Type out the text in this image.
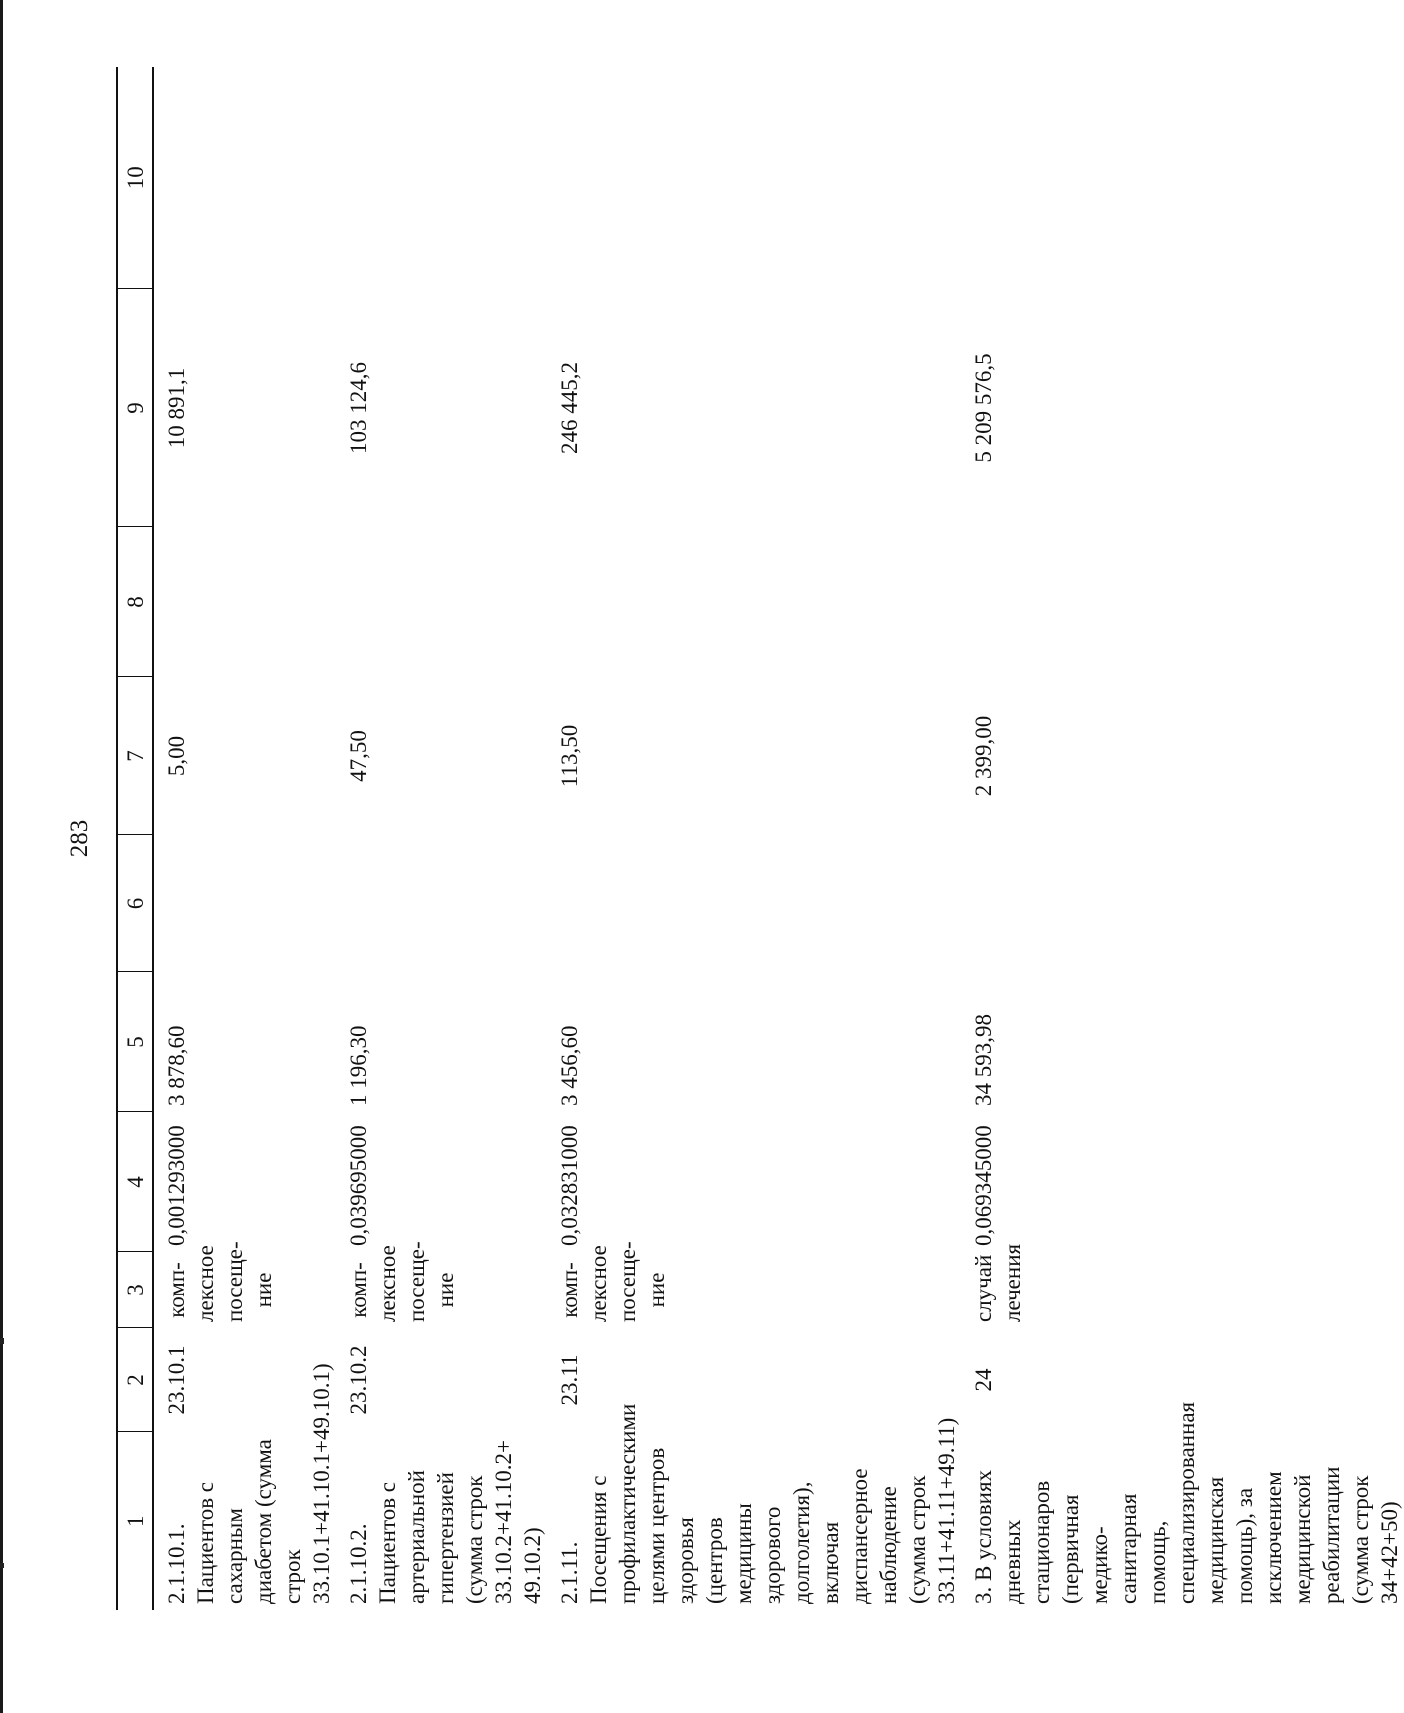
283
1	2	3	4	5	6	7	8	9	10
2.1.10.1. Пациентов с сахарным диабетом (сумма строк 33.10.1+41.10.1+49.10.1)	23.10.1	комп-лексное посеще-ние	0,001293000	3 878,60		5,00		10 891,1	
2.1.10.2. Пациентов с артериальной гипертензией (сумма строк 33.10.2+41.10.2+ 49.10.2)	23.10.2	комп-лексное посеще-ние	0,039695000	1 196,30		47,50		103 124,6	
2.1.11. Посещения с профилактическими целями центров здоровья (центров медицины здорового долголетия), включая диспансерное наблюдение (сумма строк 33.11+41.11+49.11)	23.11	комп-лексное посеще-ние	0,032831000	3 456,60		113,50		246 445,2	
3. В условиях дневных стационаров (первичная медико-санитарная помощь, специализированная медицинская помощь), за исключением медицинской реабилитации (сумма строк 34+42+50)	24	случай лечения	0,069345000	34 593,98		2 399,00		5 209 576,5	
